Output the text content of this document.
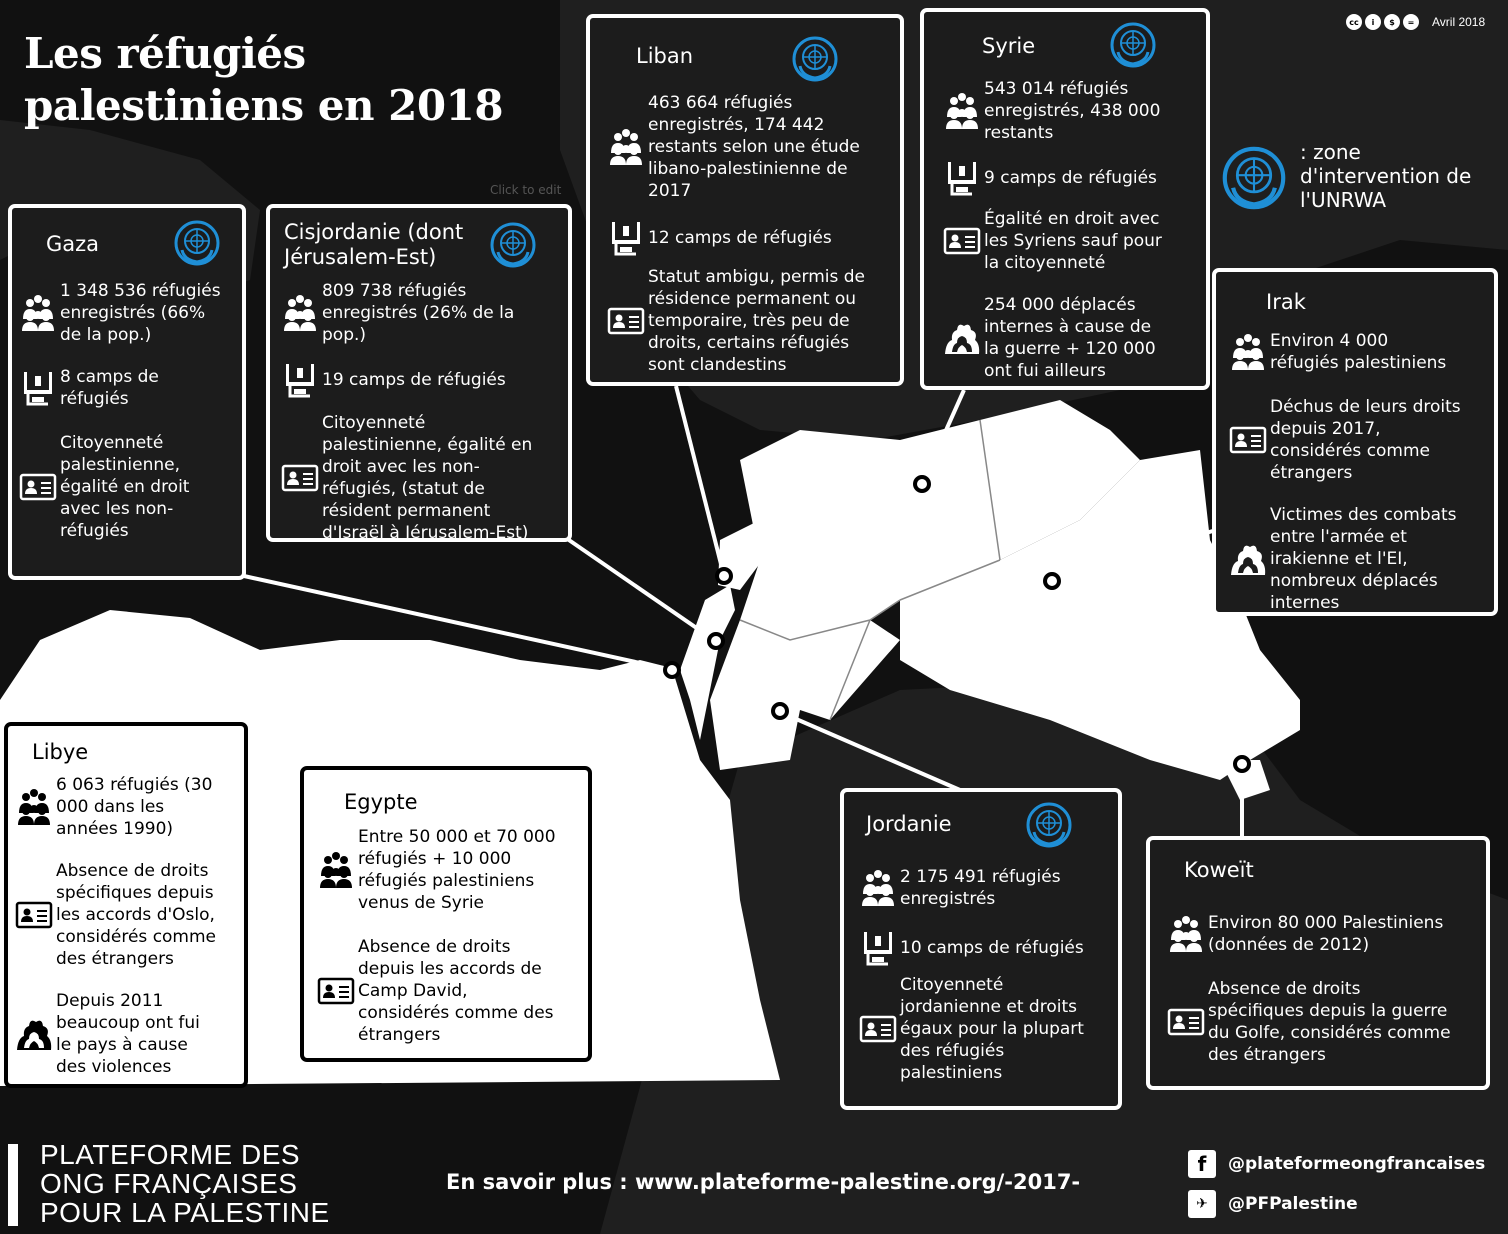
Les réfugiés
palestiniens en 2018
Click to edit
cc	i	$	=	Avril 2018
: zone
d'intervention de
l'UNRWA
Gaza
1 348 536 réfugiés
enregistrés (66%
de la pop.)
8 camps de
réfugiés
Citoyenneté
palestinienne,
égalité en droit
avec les non-
réfugiés
Cisjordanie (dont
Jérusalem-Est)
809 738 réfugiés
enregistrés (26% de la
pop.)
19 camps de réfugiés
Citoyenneté
palestinienne, égalité en
droit avec les non-
réfugiés, (statut de
résident permanent
d'Israël à Jérusalem-Est)
Liban
463 664 réfugiés
enregistrés, 174 442
restants selon une étude
libano-palestinienne de
2017
12 camps de réfugiés
Statut ambigu, permis de
résidence permanent ou
temporaire, très peu de
droits, certains réfugiés
sont clandestins
Syrie
543 014 réfugiés
enregistrés, 438 000
restants
9 camps de réfugiés
Égalité en droit avec
les Syriens sauf pour
la citoyenneté
254 000 déplacés
internes à cause de
la guerre + 120 000
ont fui ailleurs
Irak
Environ 4 000
réfugiés palestiniens
Déchus de leurs droits
depuis 2017,
considérés comme
étrangers
Victimes des combats
entre l'armée et
irakienne et l'EI,
nombreux déplacés
internes
Libye
6 063 réfugiés (30
000 dans les
années 1990)
Absence de droits
spécifiques depuis
les accords d'Oslo,
considérés comme
des étrangers
Depuis 2011
beaucoup ont fui
le pays à cause
des violences
Egypte
Entre 50 000 et 70 000
réfugiés + 10 000
réfugiés palestiniens
venus de Syrie
Absence de droits
depuis les accords de
Camp David,
considérés comme des
étrangers
Jordanie
2 175 491 réfugiés
enregistrés
10 camps de réfugiés
Citoyenneté
jordanienne et droits
égaux pour la plupart
des réfugiés
palestiniens
Koweït
Environ 80 000 Palestiniens
(données de 2012)
Absence de droits
spécifiques depuis la guerre
du Golfe, considérés comme
des étrangers
PLATEFORME DES
ONG FRANÇAISES
POUR LA PALESTINE
En savoir plus : www.plateforme-palestine.org/-2017-
f	@plateformeongfrancaises
✈	@PFPalestine
